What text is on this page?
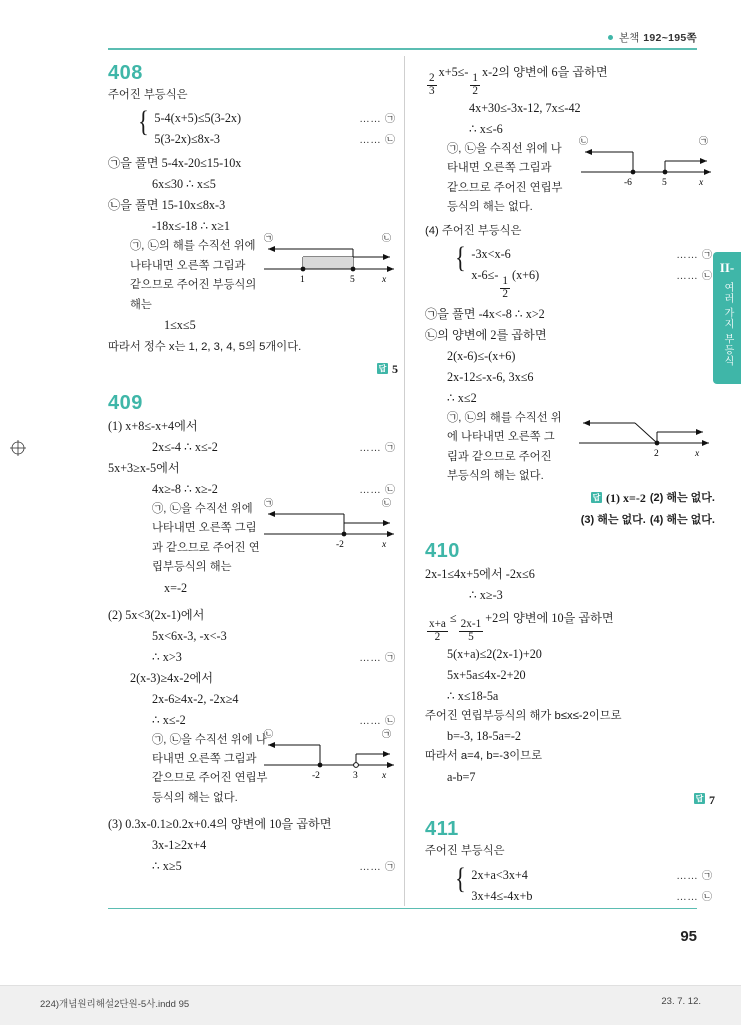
본책 192~195쪽
II-
여러 가지 부등식

408

주어진 부등식은

{ 5-4(x+5)≤5(3-2x)	…… ㉠
5(3-2x)≤8x-3	…… ㉡

㉠을 풀면 5-4x-20≤15-10x

6x≤30 ∴ x≤5

㉡을 풀면 15-10x≤8x-3

-18x≤-18 ∴ x≥1

㉠, ㉡의 해를 수직선 위에

나타내면 오른쪽 그림과

같으므로 주어진 부등식의

해는

1≤x≤5

㉠	㉡
1	5	x

따라서 정수 x는 1, 2, 3, 4, 5의 5개이다.

답 5

409

(1) x+8≤-x+4에서

2x≤-4 ∴ x≤-2	…… ㉠

5x+3≥x-5에서

4x≥-8 ∴ x≥-2	…… ㉡

㉠, ㉡을 수직선 위에

나타내면 오른쪽 그림

과 같으므로 주어진 연

립부등식의 해는

x=-2

㉠	㉡
-2	x

(2) 5x<3(2x-1)에서

5x<6x-3, -x<-3

∴ x>3	…… ㉠

2(x-3)≥4x-2에서

2x-6≥4x-2, -2x≥4

∴ x≤-2	…… ㉡

㉠, ㉡을 수직선 위에 나

타내면 오른쪽 그림과

같으므로 주어진 연립부

등식의 해는 없다.

㉡	㉠
-2	3	x

(3) 0.3x-0.1≥0.2x+0.4의 양변에 10을 곱하면

3x-1≥2x+4

∴ x≥5	…… ㉠

$\frac{2}{3}$
x+5≤-
$\frac{1}{2}$
x-2의 양변에 6을 곱하면

4x+30≤-3x-12, 7x≤-42

∴ x≤-6

㉠, ㉡을 수직선 위에 나

타내면 오른쪽 그림과

같으므로 주어진 연립부

등식의 해는 없다.

㉡	㉠
-6	5	x

(4) 주어진 부등식은

{ -3x<x-6	…… ㉠
x-6≤-
$\frac{1}{2}$
(x+6)	…… ㉡

㉠을 풀면 -4x<-8 ∴ x>2

㉡의 양변에 2를 곱하면

2(x-6)≤-(x+6)

2x-12≤-x-6, 3x≤6

∴ x≤2

㉠, ㉡의 해를 수직선 위

에 나타내면 오른쪽 그

림과 같으므로 주어진

부등식의 해는 없다.

2	x
답 (1) x=-2 (2) 해는 없다.
(3) 해는 없다. (4) 해는 없다.

410

2x-1≤4x+5에서 -2x≤6

∴ x≥-3

$\frac{x+a}{2}$
≤
$\frac{2x-1}{5}$
+2의 양변에 10을 곱하면

5(x+a)≤2(2x-1)+20

5x+5a≤4x-2+20

∴ x≤18-5a

주어진 연립부등식의 해가 b≤x≤-2이므로

b=-3, 18-5a=-2

따라서 a=4, b=-3이므로

a-b=7

답 7

411

주어진 부등식은

{ 2x+a<3x+4	…… ㉠
3x+4≤-4x+b	…… ㉡
95
224)개념원리해설2단원-5사.indd 95	23. 7. 12.
